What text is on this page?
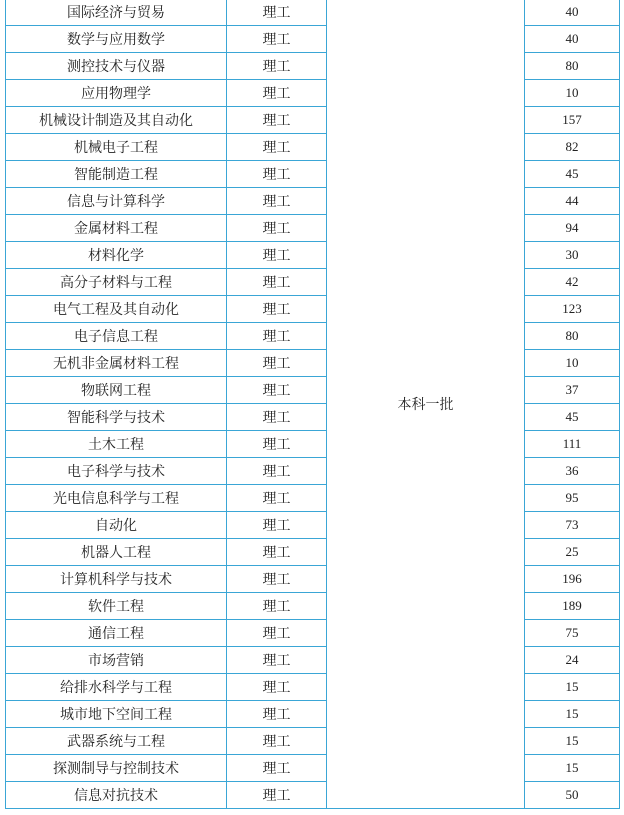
国际经济与贸易	理工	本科一批	40
数学与应用数学	理工		40
测控技术与仪器	理工		80
应用物理学	理工		10
机械设计制造及其自动化	理工		157
机械电子工程	理工		82
智能制造工程	理工		45
信息与计算科学	理工		44
金属材料工程	理工		94
材料化学	理工		30
高分子材料与工程	理工		42
电气工程及其自动化	理工		123
电子信息工程	理工		80
无机非金属材料工程	理工		10
物联网工程	理工		37
智能科学与技术	理工		45
土木工程	理工		111
电子科学与技术	理工		36
光电信息科学与工程	理工		95
自动化	理工		73
机器人工程	理工		25
计算机科学与技术	理工		196
软件工程	理工		189
通信工程	理工		75
市场营销	理工		24
给排水科学与工程	理工		15
城市地下空间工程	理工		15
武器系统与工程	理工		15
探测制导与控制技术	理工		15
信息对抗技术	理工		50
